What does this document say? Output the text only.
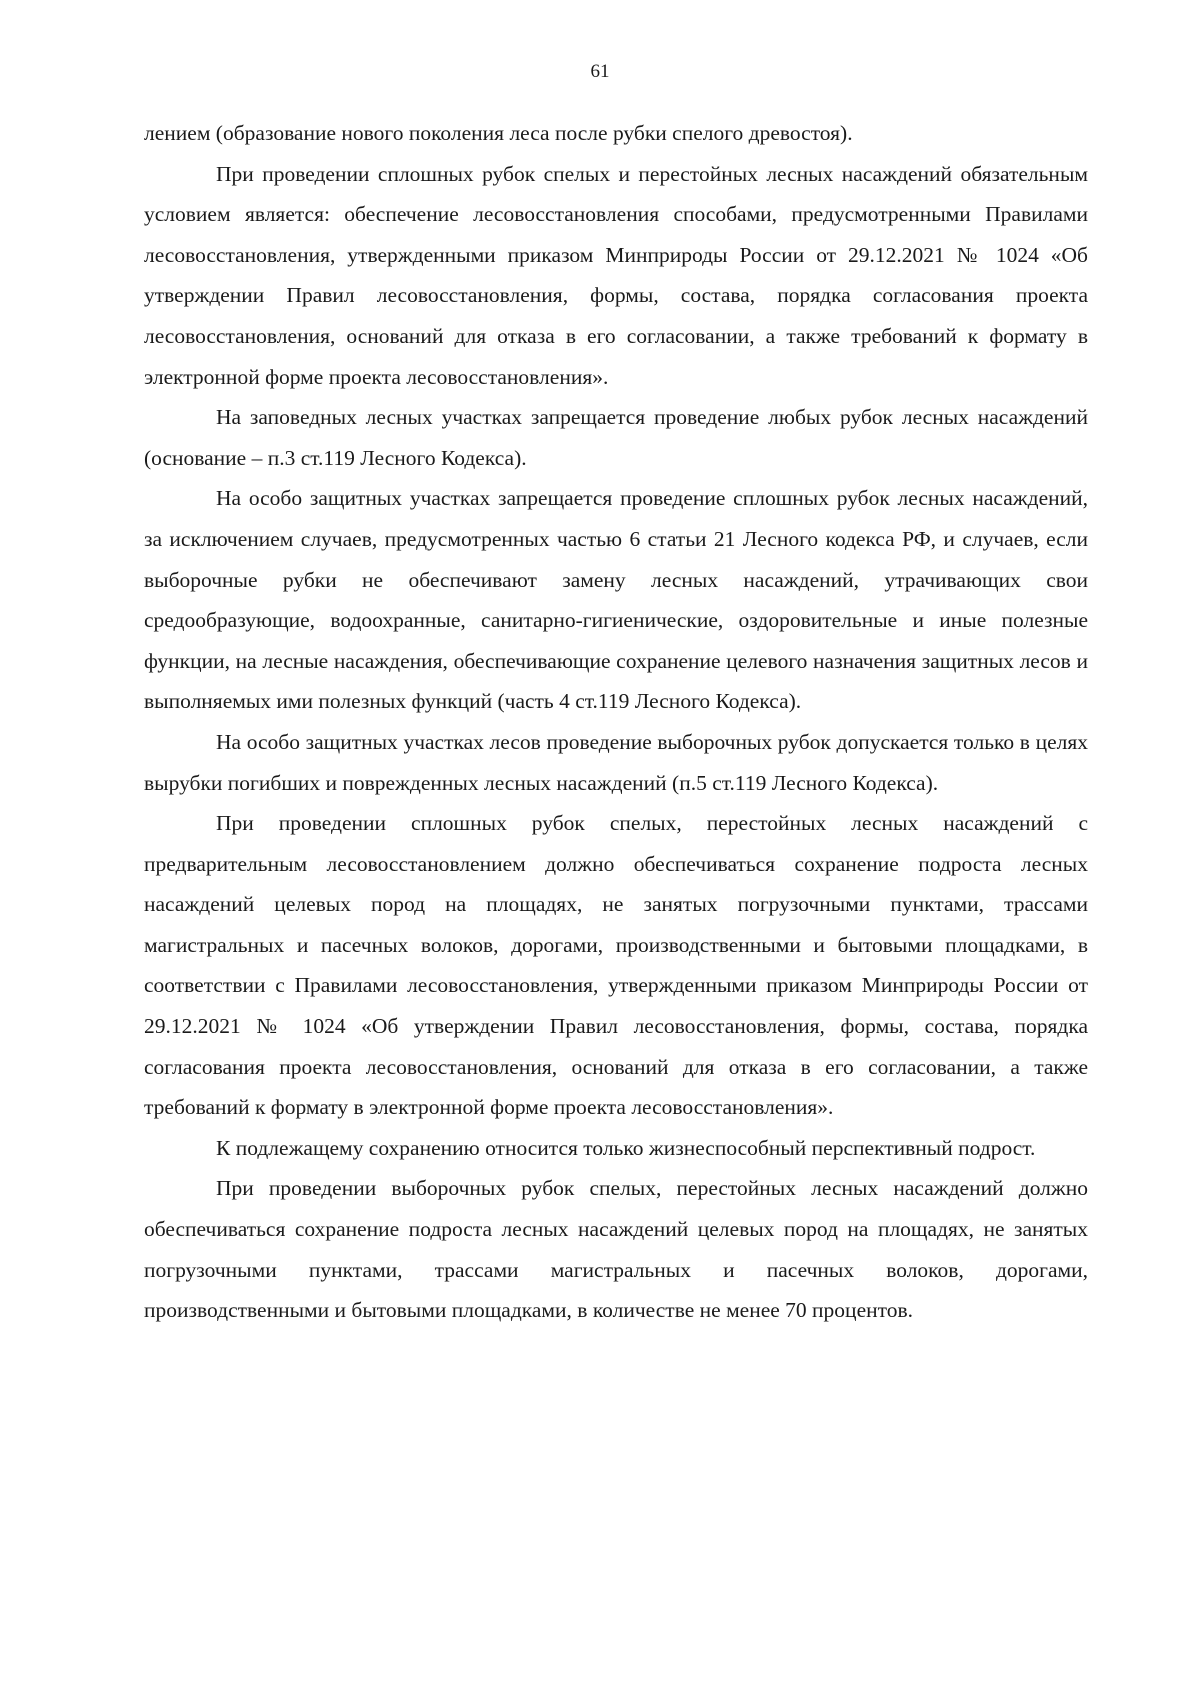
61

лением (образование нового поколения леса после рубки спелого древостоя).

При проведении сплошных рубок спелых и перестойных лесных насаждений обязательным условием является: обеспечение лесовосстановления способами, предусмотренными Правилами лесовосстановления, утвержденными приказом Минприроды России от 29.12.2021 № 1024 «Об утверждении Правил лесовосстановления, формы, состава, порядка согласования проекта лесовосстановления, оснований для отказа в его согласовании, а также требований к формату в электронной форме проекта лесовосстановления».

На заповедных лесных участках запрещается проведение любых рубок лесных насаждений (основание – п.3 ст.119 Лесного Кодекса).

На особо защитных участках запрещается проведение сплошных рубок лесных насаждений, за исключением случаев, предусмотренных частью 6 статьи 21 Лесного кодекса РФ, и случаев, если выборочные рубки не обеспечивают замену лесных насаждений, утрачивающих свои средообразующие, водоохранные, санитарно-гигиенические, оздоровительные и иные полезные функции, на лесные насаждения, обеспечивающие сохранение целевого назначения защитных лесов и выполняемых ими полезных функций (часть 4 ст.119 Лесного Кодекса).

На особо защитных участках лесов проведение выборочных рубок допускается только в целях вырубки погибших и поврежденных лесных насаждений (п.5 ст.119 Лесного Кодекса).

При проведении сплошных рубок спелых, перестойных лесных насаждений с предварительным лесовосстановлением должно обеспечиваться сохранение подроста лесных насаждений целевых пород на площадях, не занятых погрузочными пунктами, трассами магистральных и пасечных волоков, дорогами, производственными и бытовыми площадками, в соответствии с Правилами лесовосстановления, утвержденными приказом Минприроды России от 29.12.2021 № 1024 «Об утверждении Правил лесовосстановления, формы, состава, порядка согласования проекта лесовосстановления, оснований для отказа в его согласовании, а также требований к формату в электронной форме проекта лесовосстановления».

К подлежащему сохранению относится только жизнеспособный перспективный подрост.

При проведении выборочных рубок спелых, перестойных лесных насаждений должно обеспечиваться сохранение подроста лесных насаждений целевых пород на площадях, не занятых погрузочными пунктами, трассами магистральных и пасечных волоков, дорогами, производственными и бытовыми площадками, в количестве не менее 70 процентов.
